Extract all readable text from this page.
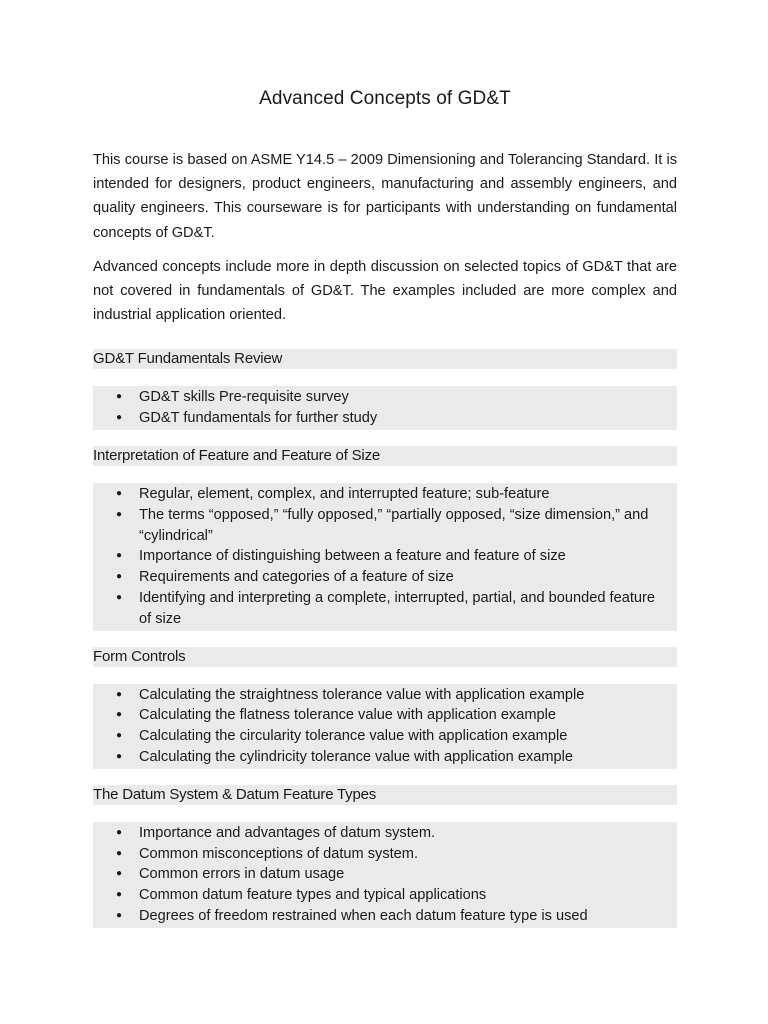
Advanced Concepts of GD&T

This course is based on ASME Y14.5 – 2009 Dimensioning and Tolerancing Standard. It is intended for designers, product engineers, manufacturing and assembly engineers, and quality engineers. This courseware is for participants with understanding on fundamental concepts of GD&T.

Advanced concepts include more in depth discussion on selected topics of GD&T that are not covered in fundamentals of GD&T. The examples included are more complex and industrial application oriented.

GD&T Fundamentals Review
● GD&T skills Pre-requisite survey
● GD&T fundamentals for further study
Interpretation of Feature and Feature of Size
● Regular, element, complex, and interrupted feature; sub-feature
● The terms “opposed,” “fully opposed,” “partially opposed, “size dimension,” and “cylindrical”
● Importance of distinguishing between a feature and feature of size
● Requirements and categories of a feature of size
● Identifying and interpreting a complete, interrupted, partial, and bounded feature of size
Form Controls
● Calculating the straightness tolerance value with application example
● Calculating the flatness tolerance value with application example
● Calculating the circularity tolerance value with application example
● Calculating the cylindricity tolerance value with application example
The Datum System & Datum Feature Types
● Importance and advantages of datum system.
● Common misconceptions of datum system.
● Common errors in datum usage
● Common datum feature types and typical applications
● Degrees of freedom restrained when each datum feature type is used
